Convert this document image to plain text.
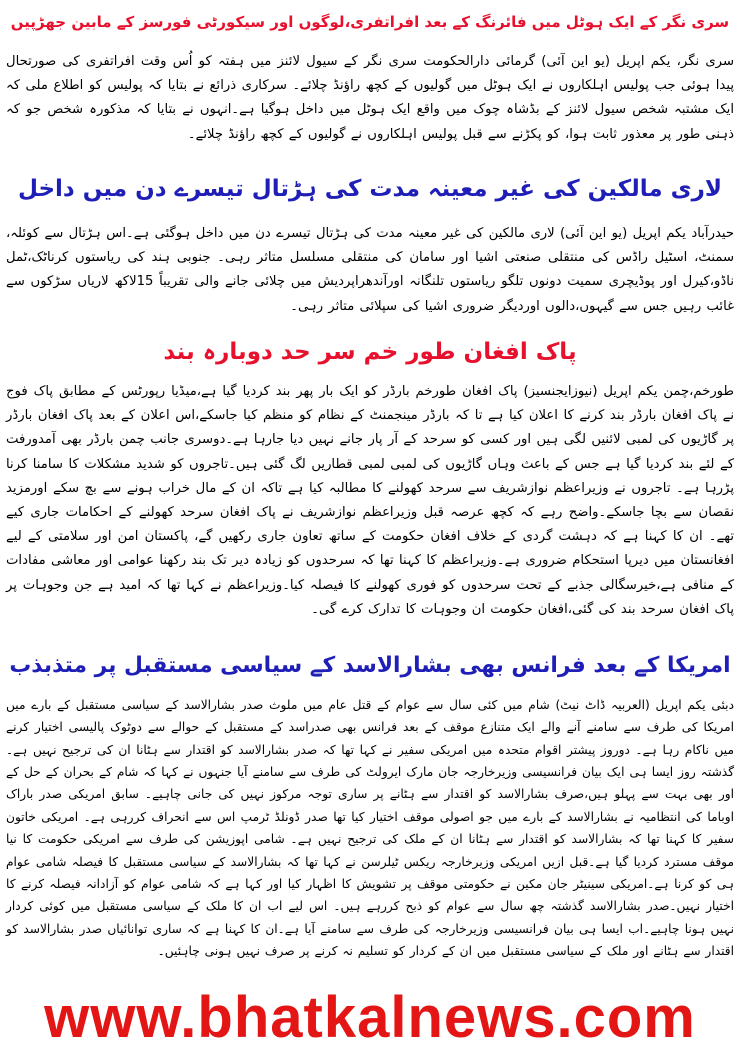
سری نگر کے ایک ہوٹل میں فائرنگ کے بعد افراتفری،لوگوں اور سیکورٹی فورسز کے مابین جھڑپیں
سری نگر، یکم اپریل (یو این آئی) گرمائی دارالحکومت سری نگر کے سیول لائنز میں ہفتہ کو اُس وقت افراتفری کی صورتحال پیدا ہوئی جب پولیس اہلکاروں نے ایک ہوٹل میں گولیوں کے کچھ راؤنڈ چلائے۔ سرکاری ذرائع نے بتایا کہ پولیس کو اطلاع ملی کہ ایک مشتبہ شخص سیول لائنز کے بڈشاہ چوک میں واقع ایک ہوٹل میں داخل ہوگیا ہے۔انہوں نے بتایا کہ مذکورہ شخص جو کہ ذہنی طور پر معذور ثابت ہوا، کو پکڑنے سے قبل پولیس اہلکاروں نے گولیوں کے کچھ راؤنڈ چلائے۔
لاری مالکین کی غیر معینہ مدت کی ہڑتال تیسرے دن میں داخل
حیدرآباد یکم اپریل (یو این آئی) لاری مالکین کی غیر معینہ مدت کی ہڑتال تیسرے دن میں داخل ہوگئی ہے۔اس ہڑتال سے کوئلہ، سمنٹ، اسٹیل راڈس کی منتقلی صنعتی اشیا اور سامان کی منتقلی مسلسل متاثر رہی۔ جنوبی ہند کی ریاستوں کرناٹک،ٹمل ناڈو،کیرل اور پوڈیچری سمیت دونوں تلگو ریاستوں تلنگانہ اورآندھراپردیش میں چلائی جانے والی تقریباً 15لاکھ لاریاں سڑکوں سے غائب رہیں جس سے گیہوں،دالوں اوردیگر ضروری اشیا کی سپلائی متاثر رہی۔
پاک افغان طور خم سر حد دوبارہ بند
طورخم،چمن یکم اپریل (نیوزایجنسیز) پاک افغان طورخم بارڈر کو ایک بار پھر بند کردیا گیا ہے،میڈیا رپورٹس کے مطابق پاک فوج نے پاک افغان بارڈر بند کرنے کا اعلان کیا ہے تا کہ بارڈر مینجمنٹ کے نظام کو منظم کیا جاسکے،اس اعلان کے بعد پاک افغان بارڈر پر گاڑیوں کی لمبی لائنیں لگی ہیں اور کسی کو سرحد کے آر پار جانے نہیں دیا جارہا ہے۔دوسری جانب چمن بارڈر بھی آمدورفت کے لئے بند کردیا گیا ہے جس کے باعث وہاں گاڑیوں کی لمبی لمبی قطاریں لگ گئی ہیں۔تاجروں کو شدید مشکلات کا سامنا کرنا پڑرہا ہے۔ تاجروں نے وزیراعظم نوازشریف سے سرحد کھولنے کا مطالبہ کیا ہے تاکہ ان کے مال خراب ہونے سے بچ سکے اورمزید نقصان سے بچا جاسکے۔واضح رہے کہ کچھ عرصہ قبل وزیراعظم نوازشریف نے پاک افغان سرحد کھولنے کے احکامات جاری کیے تھے۔ ان کا کہنا ہے کہ دہشت گردی کے خلاف افغان حکومت کے ساتھ تعاون جاری رکھیں گے، پاکستان امن اور سلامتی کے لیے افغانستان میں دیرپا استحکام ضروری ہے۔وزیراعظم کا کہنا تھا کہ سرحدوں کو زیادہ دیر تک بند رکھنا عوامی اور معاشی مفادات کے منافی ہے،خیرسگالی جذبے کے تحت سرحدوں کو فوری کھولنے کا فیصلہ کیا۔وزیراعظم نے کہا تھا کہ امید ہے جن وجوہات پر پاک افغان سرحد بند کی گئی،افغان حکومت ان وجوہات کا تدارک کرے گی۔
امریکا کے بعد فرانس بھی بشارالاسد کے سیاسی مستقبل پر متذبذب
دبئی یکم اپریل (العربیہ ڈاٹ نیٹ) شام میں کئی سال سے عوام کے قتل عام میں ملوث صدر بشارالاسد کے سیاسی مستقبل کے بارے میں امریکا کی طرف سے سامنے آنے والے ایک متنازع موقف کے بعد فرانس بھی صدراسد کے مستقبل کے حوالے سے دوٹوک پالیسی اختیار کرنے میں ناکام رہا ہے۔ دوروز پیشتر اقوام متحدہ میں امریکی سفیر نے کہا تھا کہ صدر بشارالاسد کو اقتدار سے ہٹانا ان کی ترجیح نہیں ہے۔ گذشتہ روز ایسا ہی ایک بیان فرانسیسی وزیرخارجہ جان مارک ایرولٹ کی طرف سے سامنے آیا جنہوں نے کہا کہ شام کے بحران کے حل کے اور بھی بہت سے پہلو ہیں،صرف بشارالاسد کو اقتدار سے ہٹانے پر ساری توجہ مرکوز نہیں کی جانی چاہیے۔ سابق امریکی صدر باراک اوباما کی انتظامیہ نے بشارالاسد کے بارے میں جو اصولی موقف اختیار کیا تھا صدر ڈونلڈ ٹرمپ اس سے انحراف کررہی ہے۔ امریکی خاتون سفیر کا کہنا تھا کہ بشارالاسد کو اقتدار سے ہٹانا ان کے ملک کی ترجیح نہیں ہے۔ شامی اپوزیشن کی طرف سے امریکی حکومت کا نیا موقف مسترد کردیا گیا ہے۔قبل ازیں امریکی وزیرخارجہ ریکس ٹیلرسن نے کہا تھا کہ بشارالاسد کے سیاسی مستقبل کا فیصلہ شامی عوام ہی کو کرنا ہے۔امریکی سینیٹر جان مکین نے حکومتی موقف پر تشویش کا اظہار کیا اور کہا ہے کہ شامی عوام کو آزادانہ فیصلہ کرنے کا اختیار نہیں۔صدر بشارالاسد گذشتہ چھ سال سے عوام کو ذبح کررہے ہیں۔ اس لیے اب ان کا ملک کے سیاسی مستقبل میں کوئی کردار نہیں ہونا چاہیے۔اب ایسا ہی بیان فرانسیسی وزیرخارجہ کی طرف سے سامنے آیا ہے۔ان کا کہنا ہے کہ ساری توانائیاں صدر بشارالاسد کو اقتدار سے ہٹانے اور ملک کے سیاسی مستقبل میں ان کے کردار کو تسلیم نہ کرنے پر صرف نہیں ہونی چاہئیں۔
www.bhatkalnews.com
